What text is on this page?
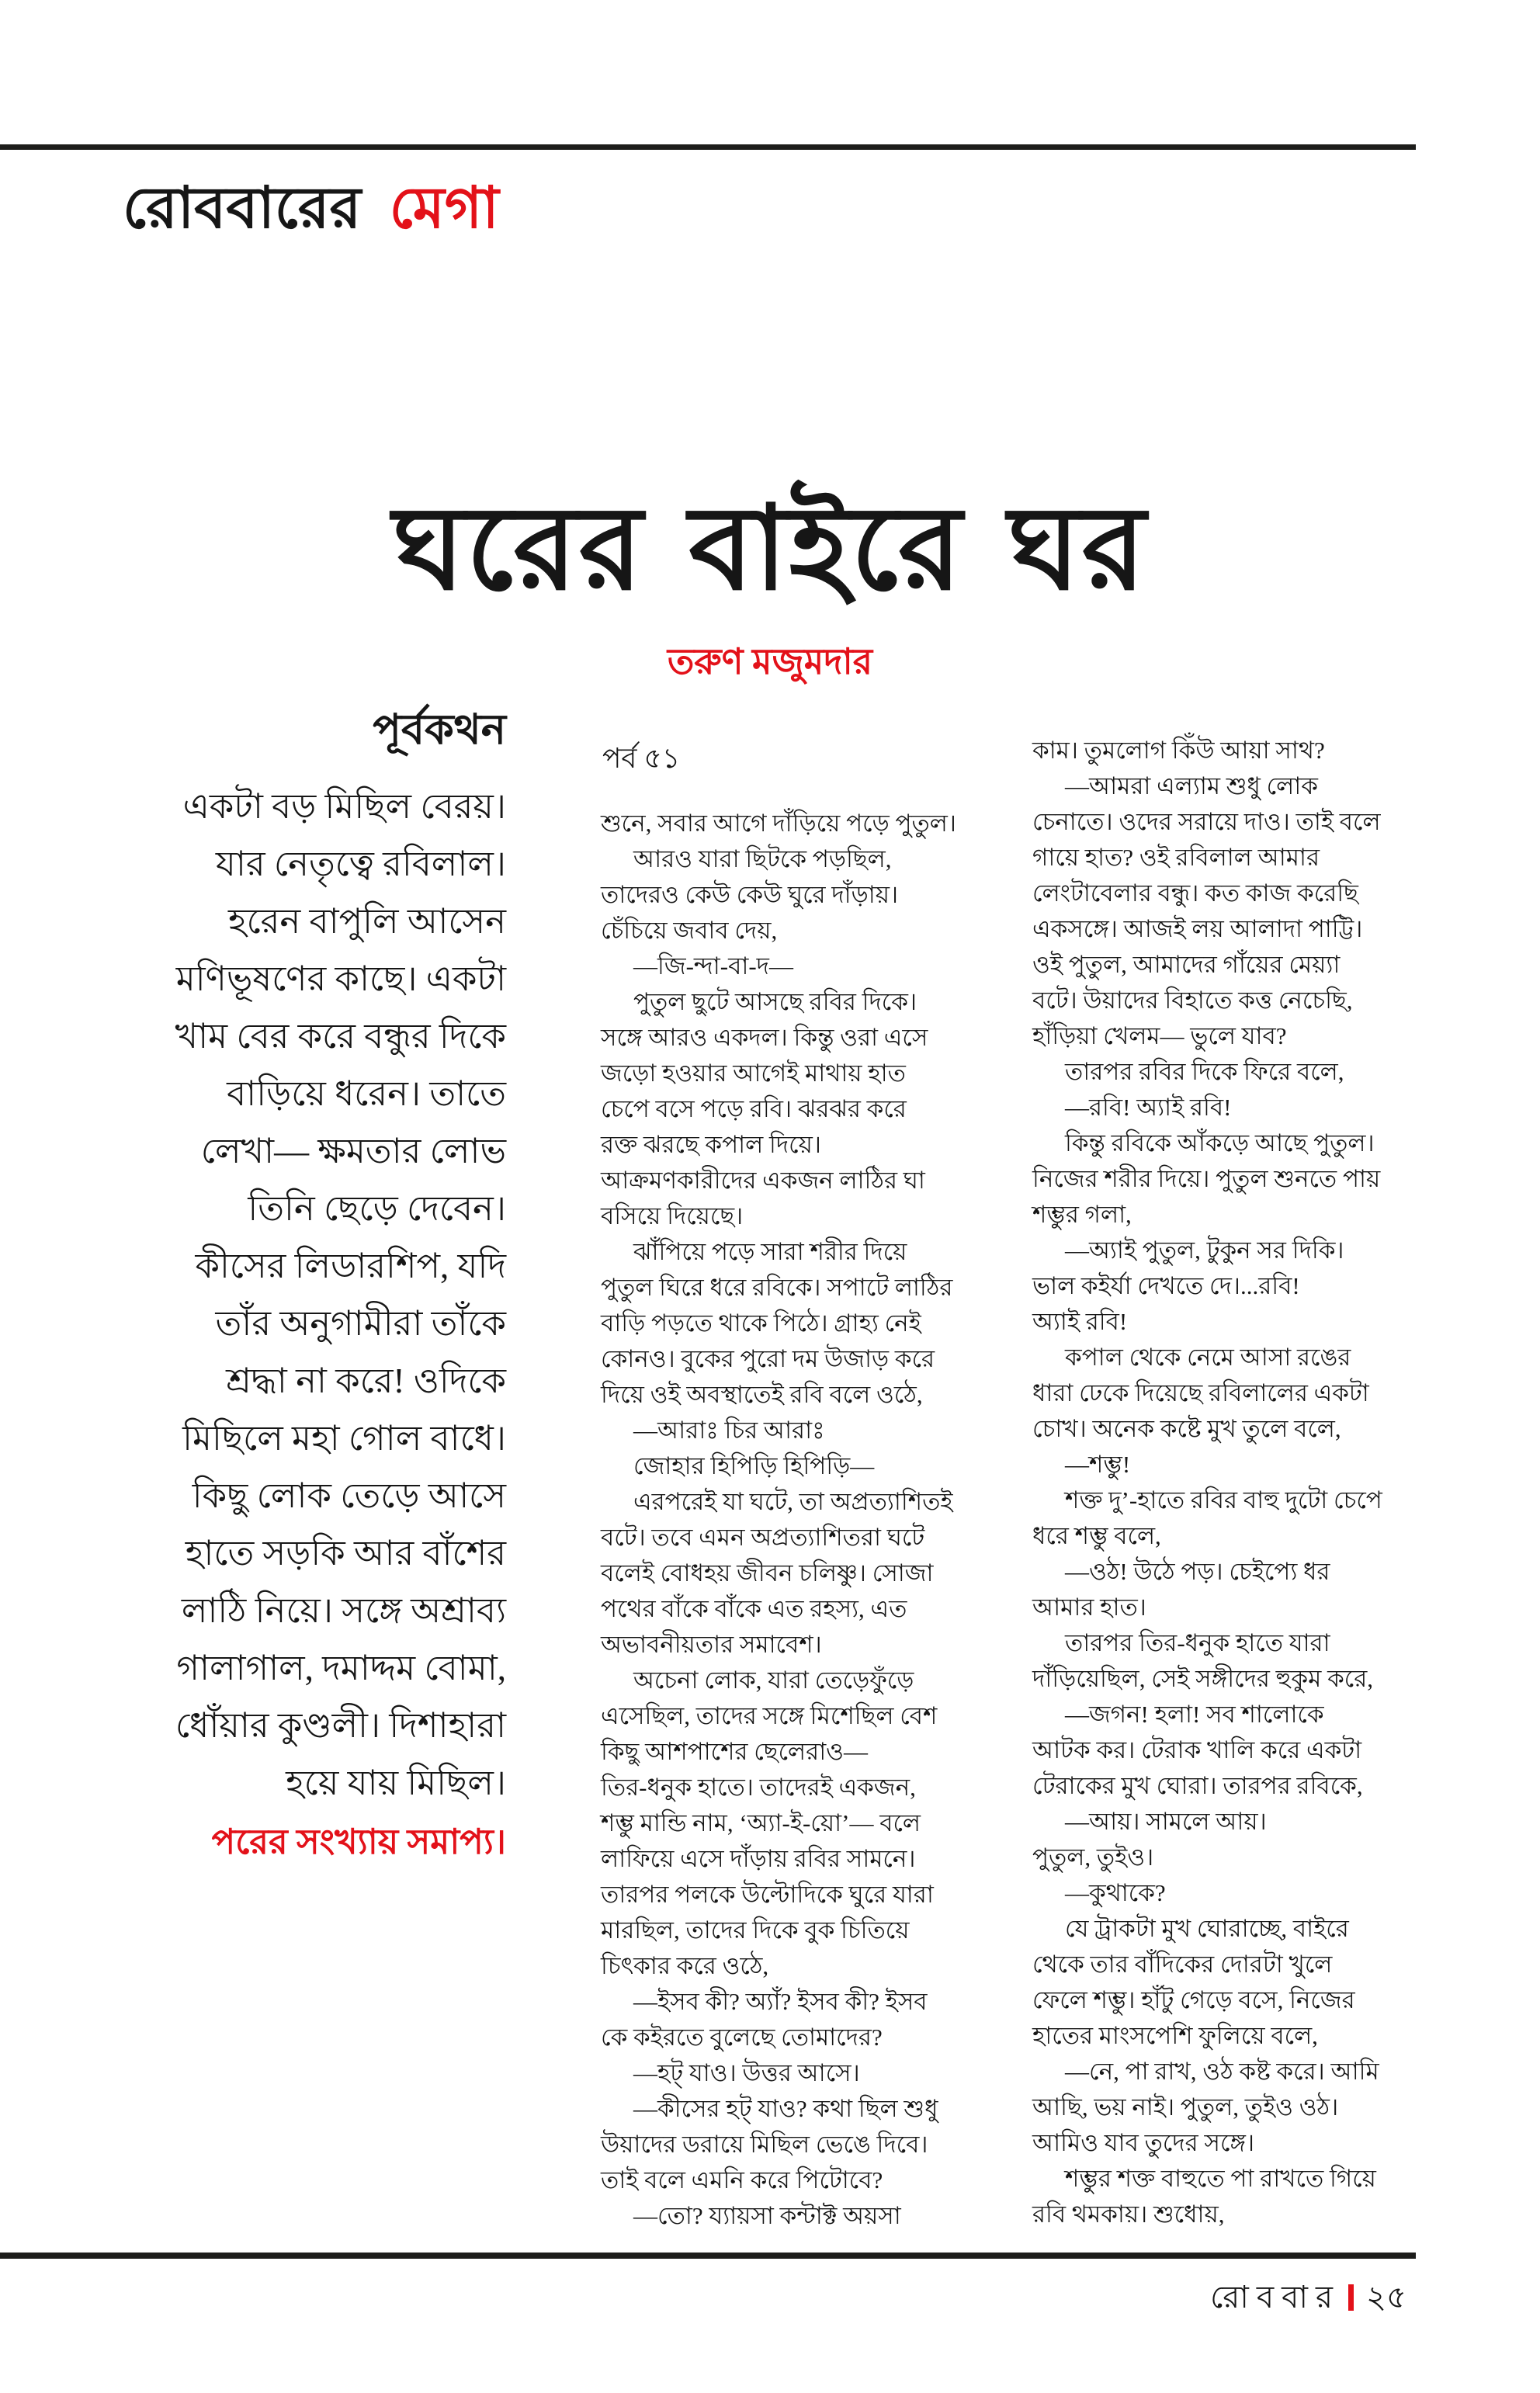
রোববারের মেগা
ঘরের বাইরে ঘর
তরুণ মজুমদার
পূর্বকথন
একটা বড় মিছিল বেরয়।
যার নেতৃত্বে রবিলাল।
হরেন বাপুলি আসেন
মণিভূষণের কাছে। একটা
খাম বের করে বন্ধুর দিকে
বাড়িয়ে ধরেন। তাতে
লেখা— ক্ষমতার লোভ
তিনি ছেড়ে দেবেন।
কীসের লিডারশিপ, যদি
তাঁর অনুগামীরা তাঁকে
শ্রদ্ধা না করে! ওদিকে
মিছিলে মহা গোল বাধে।
কিছু লোক তেড়ে আসে
হাতে সড়কি আর বাঁশের
লাঠি নিয়ে। সঙ্গে অশ্রাব্য
গালাগাল, দমাদ্দম বোমা,
ধোঁয়ার কুণ্ডলী। দিশাহারা
হয়ে যায় মিছিল।
পরের সংখ্যায় সমাপ্য।
পর্ব ৫১
শুনে, সবার আগে দাঁড়িয়ে পড়ে পুতুল।
আরও যারা ছিটকে পড়ছিল,
তাদেরও কেউ কেউ ঘুরে দাঁড়ায়।
চেঁচিয়ে জবাব দেয়,
—জি-ন্দা-বা-দ—
পুতুল ছুটে আসছে রবির দিকে।
সঙ্গে আরও একদল। কিন্তু ওরা এসে
জড়ো হওয়ার আগেই মাথায় হাত
চেপে বসে পড়ে রবি। ঝরঝর করে
রক্ত ঝরছে কপাল দিয়ে।
আক্রমণকারীদের একজন লাঠির ঘা
বসিয়ে দিয়েছে।
ঝাঁপিয়ে পড়ে সারা শরীর দিয়ে
পুতুল ঘিরে ধরে রবিকে। সপাটে লাঠির
বাড়ি পড়তে থাকে পিঠে। গ্রাহ্য নেই
কোনও। বুকের পুরো দম উজাড় করে
দিয়ে ওই অবস্থাতেই রবি বলে ওঠে,
—আরাঃ চির আরাঃ
জোহার হিপিড়ি হিপিড়ি—
এরপরেই যা ঘটে, তা অপ্রত্যাশিতই
বটে। তবে এমন অপ্রত্যাশিতরা ঘটে
বলেই বোধহয় জীবন চলিষ্ণু। সোজা
পথের বাঁকে বাঁকে এত রহস্য, এত
অভাবনীয়তার সমাবেশ।
অচেনা লোক, যারা তেড়েফুঁড়ে
এসেছিল, তাদের সঙ্গে মিশেছিল বেশ
কিছু আশপাশের ছেলেরাও—
তির-ধনুক হাতে। তাদেরই একজন,
শম্ভু মান্ডি নাম, ‘অ্যা-ই-য়ো’— বলে
লাফিয়ে এসে দাঁড়ায় রবির সামনে।
তারপর পলকে উল্টোদিকে ঘুরে যারা
মারছিল, তাদের দিকে বুক চিতিয়ে
চিৎকার করে ওঠে,
—ইসব কী? অ্যাঁ? ইসব কী? ইসব
কে কইরতে বুলেছে তোমাদের?
—হট্ যাও। উত্তর আসে।
—কীসের হট্ যাও? কথা ছিল শুধু
উয়াদের ডরায়ে মিছিল ভেঙে দিবে।
তাই বলে এমনি করে পিটোবে?
—তো? য্যায়সা কন্টাক্ট অয়সা
কাম। তুমলোগ কিঁউ আয়া সাথ?
—আমরা এল্যাম শুধু লোক
চেনাতে। ওদের সরায়ে দাও। তাই বলে
গায়ে হাত? ওই রবিলাল আমার
লেংটাবেলার বন্ধু। কত কাজ করেছি
একসঙ্গে। আজই লয় আলাদা পাট্টি।
ওই পুতুল, আমাদের গাঁয়ের মেয়্যা
বটে। উয়াদের বিহাতে কত্ত নেচেছি,
হাঁড়িয়া খেলম— ভুলে যাব?
তারপর রবির দিকে ফিরে বলে,
—রবি! অ্যাই রবি!
কিন্তু রবিকে আঁকড়ে আছে পুতুল।
নিজের শরীর দিয়ে। পুতুল শুনতে পায়
শম্ভুর গলা,
—অ্যাই পুতুল, টুকুন সর দিকি।
ভাল কইর্যা দেখতে দে।...রবি!
অ্যাই রবি!
কপাল থেকে নেমে আসা রঙের
ধারা ঢেকে দিয়েছে রবিলালের একটা
চোখ। অনেক কষ্টে মুখ তুলে বলে,
—শম্ভু!
শক্ত দু’-হাতে রবির বাহু দুটো চেপে
ধরে শম্ভু বলে,
—ওঠ! উঠে পড়। চেইপ্যে ধর
আমার হাত।
তারপর তির-ধনুক হাতে যারা
দাঁড়িয়েছিল, সেই সঙ্গীদের হুকুম করে,
—জগন! হলা! সব শালোকে
আটক কর। টেরাক খালি করে একটা
টেরাকের মুখ ঘোরা। তারপর রবিকে,
—আয়। সামলে আয়।
পুতুল, তুইও।
—কুথাকে?
যে ট্রাকটা মুখ ঘোরাচ্ছে, বাইরে
থেকে তার বাঁদিকের দোরটা খুলে
ফেলে শম্ভু। হাঁটু গেড়ে বসে, নিজের
হাতের মাংসপেশি ফুলিয়ে বলে,
—নে, পা রাখ, ওঠ কষ্ট করে। আমি
আছি, ভয় নাই। পুতুল, তুইও ওঠ।
আমিও যাব তুদের সঙ্গে।
শম্ভুর শক্ত বাহুতে পা রাখতে গিয়ে
রবি থমকায়। শুধোয়,
রোববার ২৫
